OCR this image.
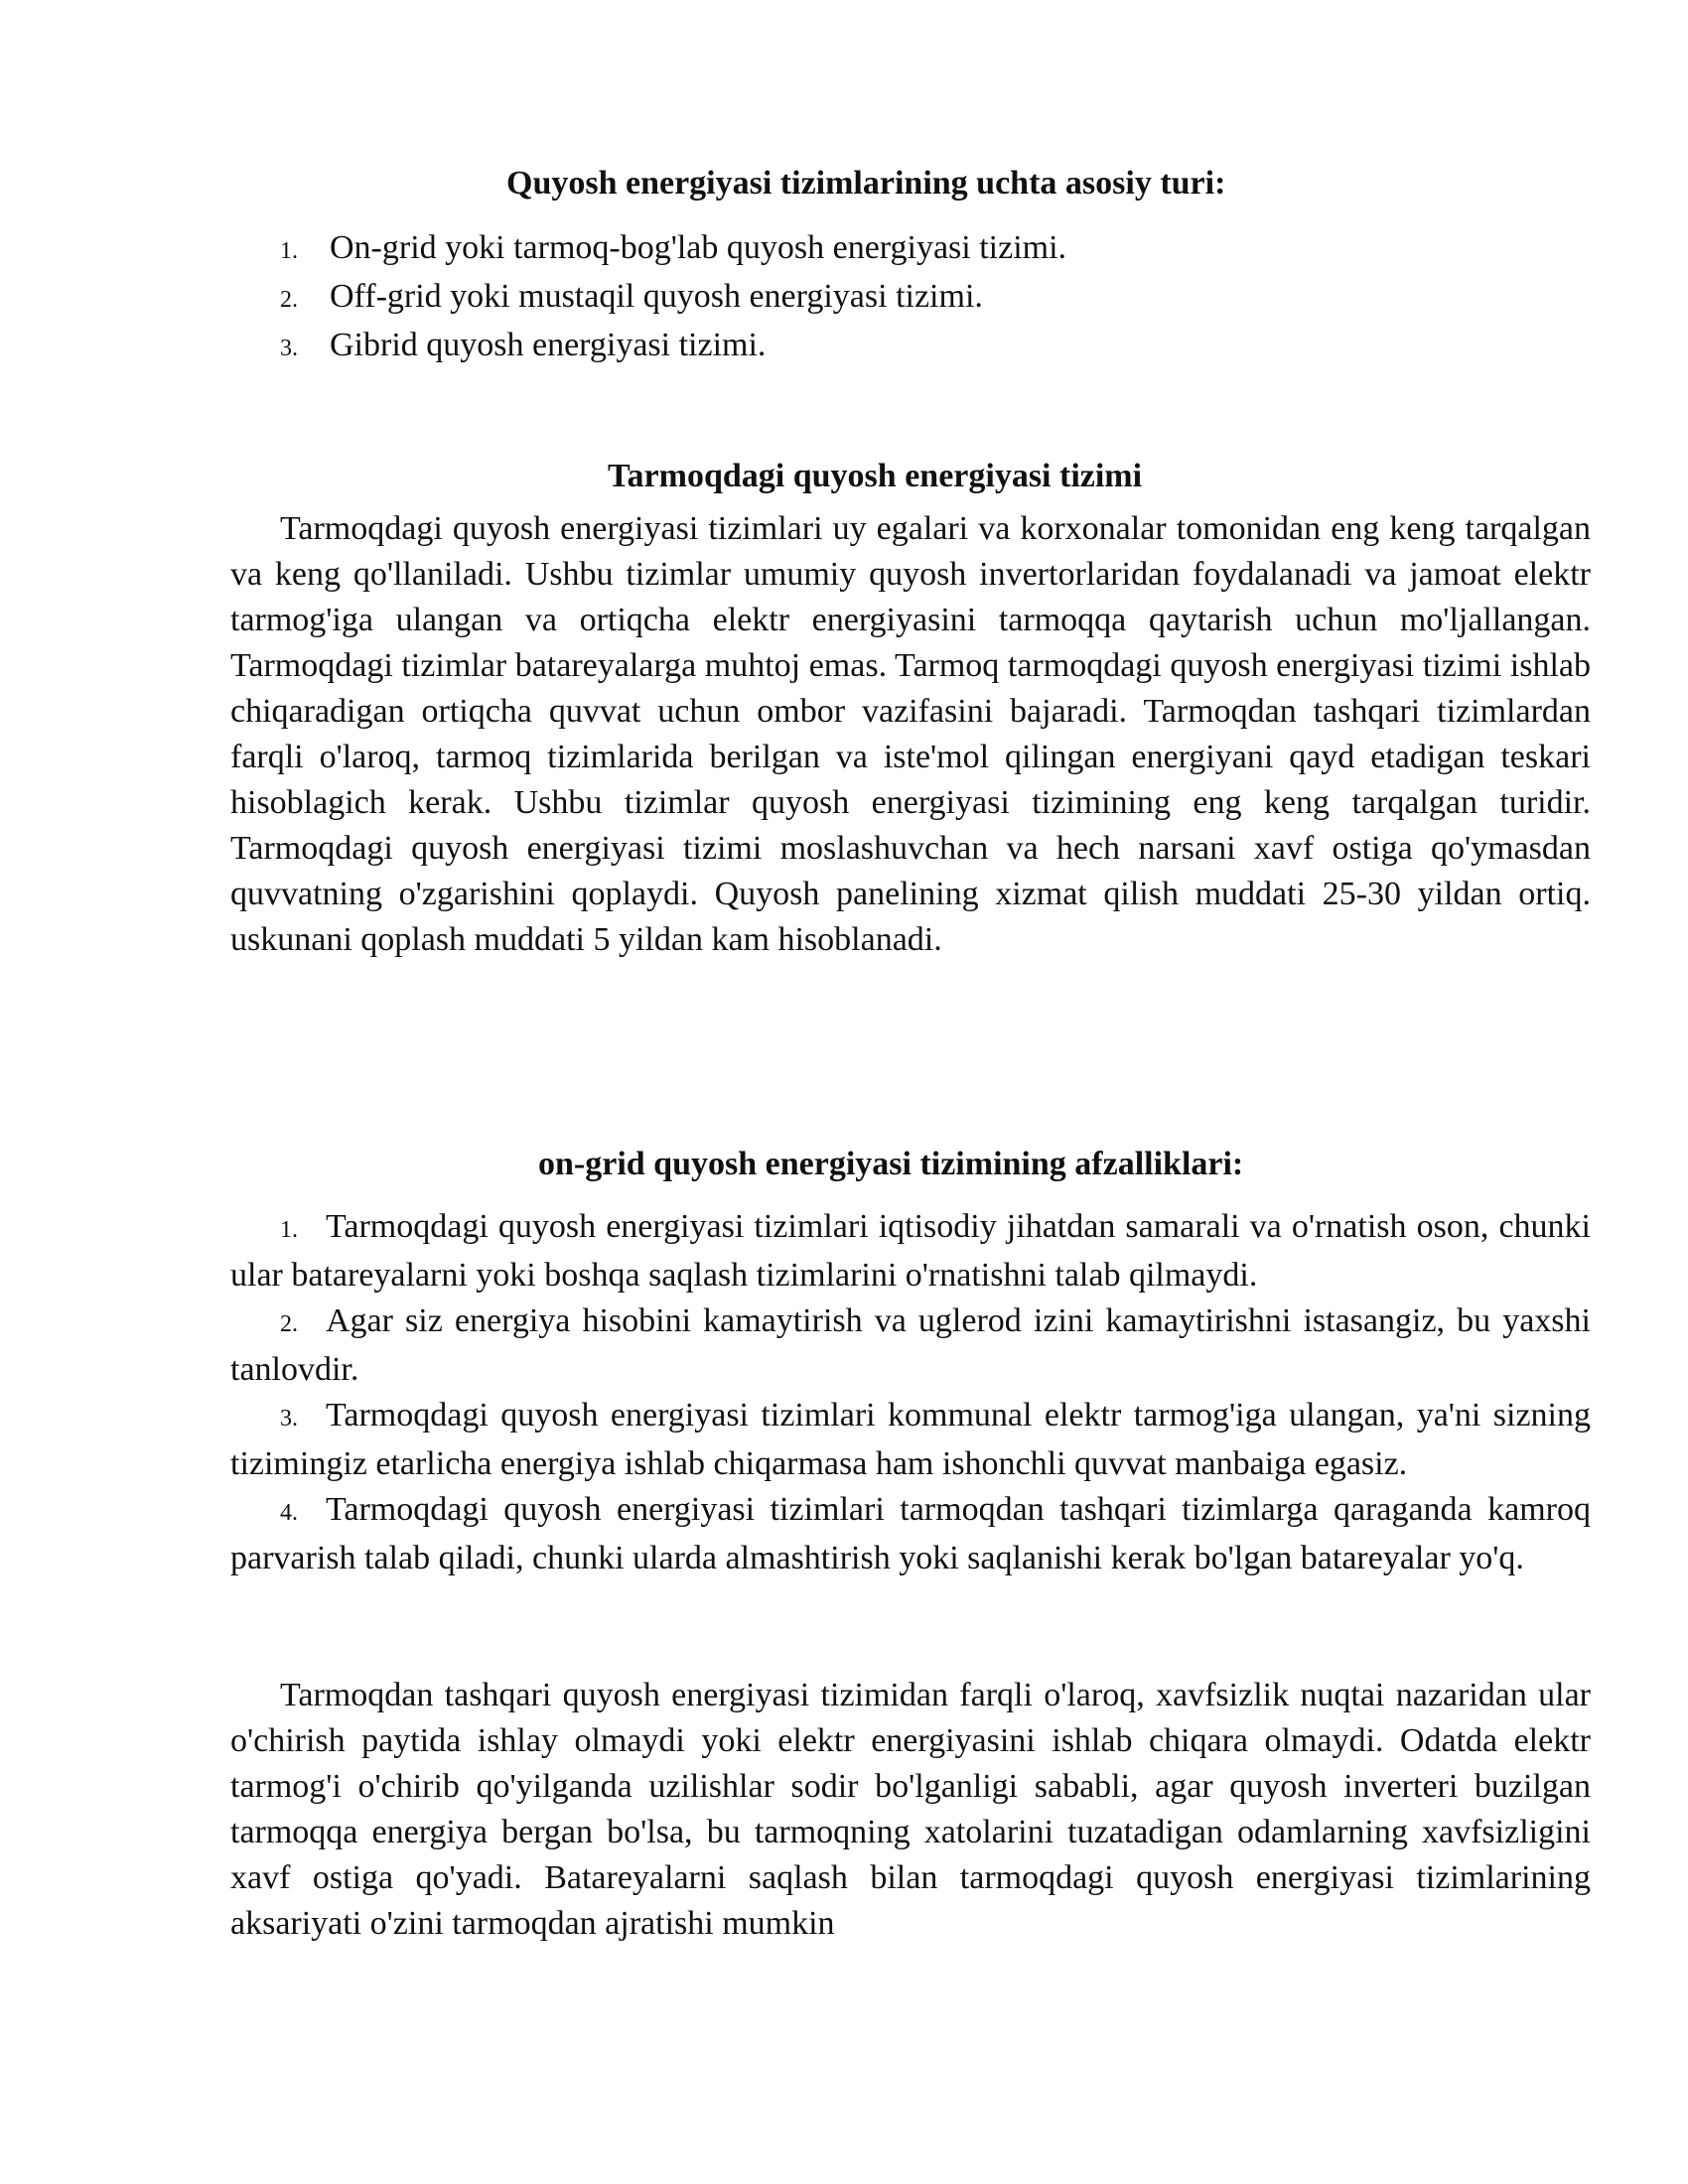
Quyosh energiyasi tizimlarining uchta asosiy turi:
1. On-grid yoki tarmoq-bog'lab quyosh energiyasi tizimi.
2. Off-grid yoki mustaqil quyosh energiyasi tizimi.
3. Gibrid quyosh energiyasi tizimi.
Tarmoqdagi quyosh energiyasi tizimi

Tarmoqdagi quyosh energiyasi tizimlari uy egalari va korxonalar tomonidan eng keng tarqalgan va keng qo'llaniladi. Ushbu tizimlar umumiy quyosh invertorlaridan foydalanadi va jamoat elektr tarmog'iga ulangan va ortiqcha elektr energiyasini tarmoqqa qaytarish uchun mo'ljallangan. Tarmoqdagi tizimlar batareyalarga muhtoj emas. Tarmoq tarmoqdagi quyosh energiyasi tizimi ishlab chiqaradigan ortiqcha quvvat uchun ombor vazifasini bajaradi. Tarmoqdan tashqari tizimlardan farqli o'laroq, tarmoq tizimlarida berilgan va iste'mol qilingan energiyani qayd etadigan teskari hisoblagich kerak. Ushbu tizimlar quyosh energiyasi tizimining eng keng tarqalgan turidir. Tarmoqdagi quyosh energiyasi tizimi moslashuvchan va hech narsani xavf ostiga qo'ymasdan quvvatning o'zgarishini qoplaydi. Quyosh panelining xizmat qilish muddati 25-30 yildan ortiq. uskunani qoplash muddati 5 yildan kam hisoblanadi.

on-grid quyosh energiyasi tizimining afzalliklari:
1. Tarmoqdagi quyosh energiyasi tizimlari iqtisodiy jihatdan samarali va o'rnatish oson, chunki ular batareyalarni yoki boshqa saqlash tizimlarini o'rnatishni talab qilmaydi.
2. Agar siz energiya hisobini kamaytirish va uglerod izini kamaytirishni istasangiz, bu yaxshi tanlovdir.
3. Tarmoqdagi quyosh energiyasi tizimlari kommunal elektr tarmog'iga ulangan, ya'ni sizning tizimingiz etarlicha energiya ishlab chiqarmasa ham ishonchli quvvat manbaiga egasiz.
4. Tarmoqdagi quyosh energiyasi tizimlari tarmoqdan tashqari tizimlarga qaraganda kamroq parvarish talab qiladi, chunki ularda almashtirish yoki saqlanishi kerak bo'lgan batareyalar yo'q.

Tarmoqdan tashqari quyosh energiyasi tizimidan farqli o'laroq, xavfsizlik nuqtai nazaridan ular o'chirish paytida ishlay olmaydi yoki elektr energiyasini ishlab chiqara olmaydi. Odatda elektr tarmog'i o'chirib qo'yilganda uzilishlar sodir bo'lganligi sababli, agar quyosh inverteri buzilgan tarmoqqa energiya bergan bo'lsa, bu tarmoqning xatolarini tuzatadigan odamlarning xavfsizligini xavf ostiga qo'yadi. Batareyalarni saqlash bilan tarmoqdagi quyosh energiyasi tizimlarining aksariyati o'zini tarmoqdan ajratishi mumkin
